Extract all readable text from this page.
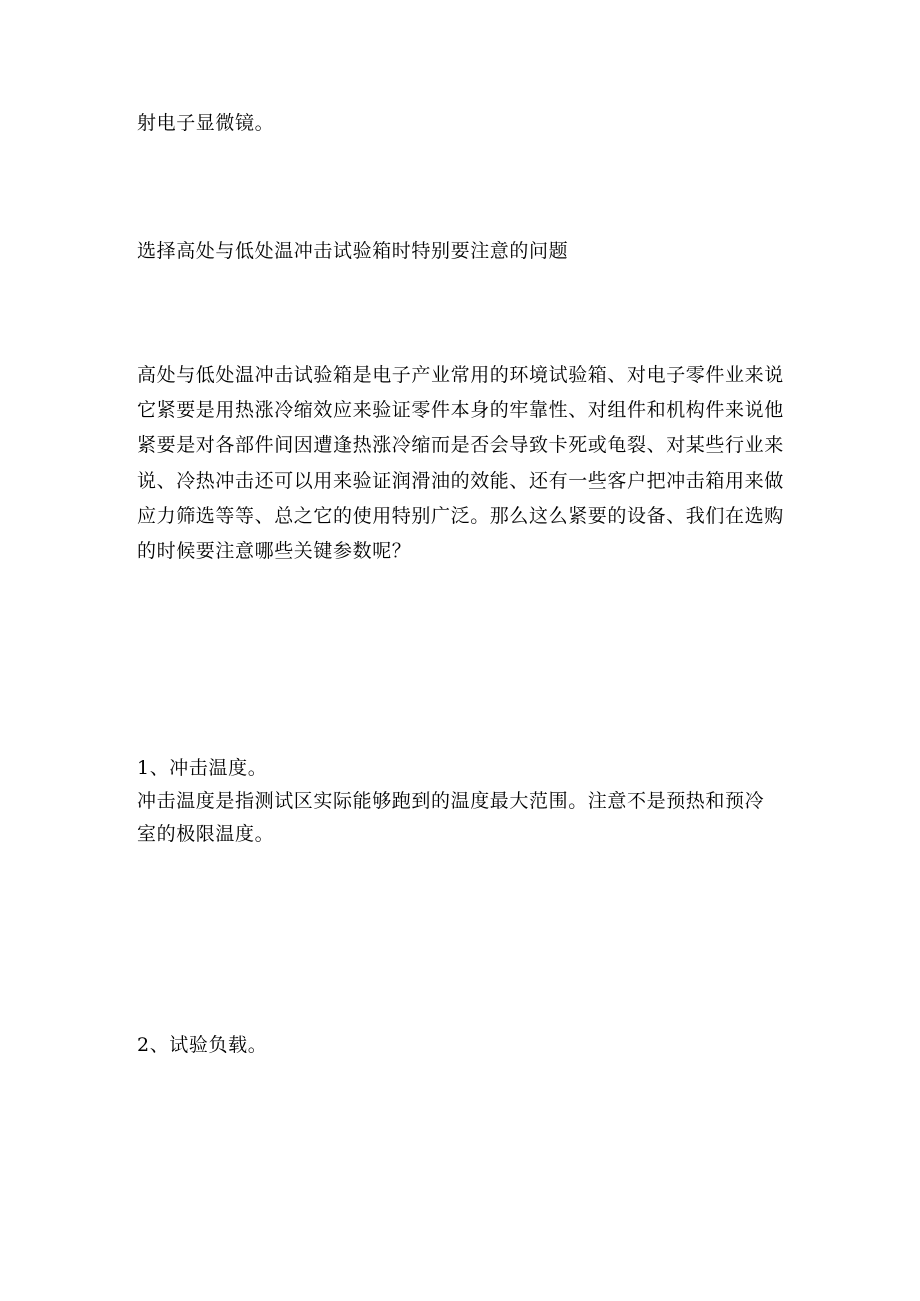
射电子显微镜。

选择高处与低处温冲击试验箱时特别要注意的问题

高处与低处温冲击试验箱是电子产业常用的环境试验箱、对电子零件业来说
它紧要是用热涨冷缩效应来验证零件本身的牢靠性、对组件和机构件来说他
紧要是对各部件间因遭逢热涨冷缩而是否会导致卡死或龟裂、对某些行业来
说、冷热冲击还可以用来验证润滑油的效能、还有一些客户把冲击箱用来做
应力筛选等等、总之它的使用特别广泛。那么这么紧要的设备、我们在选购
的时候要注意哪些关键参数呢？
1、冲击温度。
冲击温度是指测试区实际能够跑到的温度最大范围。注意不是预热和预冷
室的极限温度。

2、试验负载。
